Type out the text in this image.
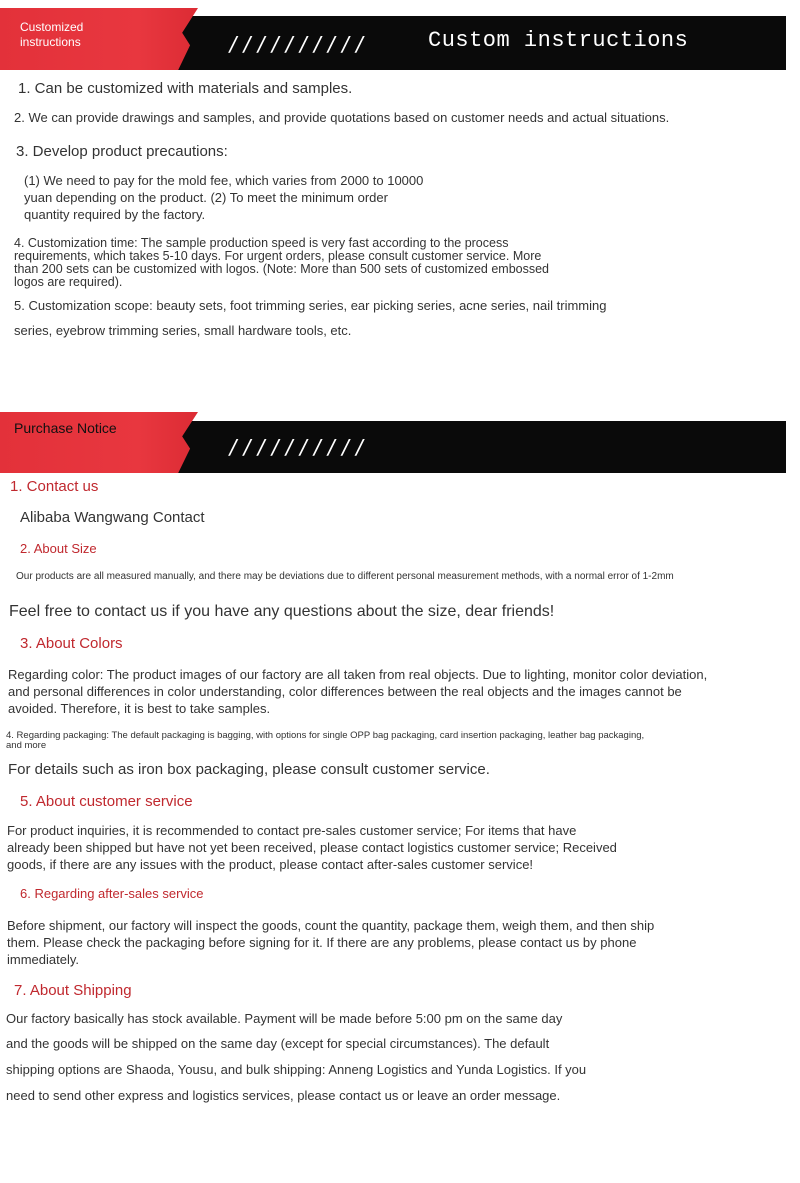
Customized
instructions	//////////	Custom instructions

1. Can be customized with materials and samples.

2. We can provide drawings and samples, and provide quotations based on customer needs and actual situations.

3. Develop product precautions:

(1) We need to pay for the mold fee, which varies from 2000 to 10000
yuan depending on the product. (2) To meet the minimum order
quantity required by the factory.

4. Customization time: The sample production speed is very fast according to the process
requirements, which takes 5-10 days. For urgent orders, please consult customer service. More
than 200 sets can be customized with logos. (Note: More than 500 sets of customized embossed
logos are required).

5. Customization scope: beauty sets, foot trimming series, ear picking series, acne series, nail trimming

series, eyebrow trimming series, small hardware tools, etc.

Purchase Notice
//////////

1. Contact us

Alibaba Wangwang Contact

2. About Size

Our products are all measured manually, and there may be deviations due to different personal measurement methods, with a normal error of 1-2mm

Feel free to contact us if you have any questions about the size, dear friends!

3. About Colors

Regarding color: The product images of our factory are all taken from real objects. Due to lighting, monitor color deviation,
and personal differences in color understanding, color differences between the real objects and the images cannot be
avoided. Therefore, it is best to take samples.

4. Regarding packaging: The default packaging is bagging, with options for single OPP bag packaging, card insertion packaging, leather bag packaging,
and more

For details such as iron box packaging, please consult customer service.

5. About customer service

For product inquiries, it is recommended to contact pre-sales customer service; For items that have
already been shipped but have not yet been received, please contact logistics customer service; Received
goods, if there are any issues with the product, please contact after-sales customer service!

6. Regarding after-sales service

Before shipment, our factory will inspect the goods, count the quantity, package them, weigh them, and then ship
them. Please check the packaging before signing for it. If there are any problems, please contact us by phone
immediately.

7. About Shipping

Our factory basically has stock available. Payment will be made before 5:00 pm on the same day

and the goods will be shipped on the same day (except for special circumstances). The default

shipping options are Shaoda, Yousu, and bulk shipping: Anneng Logistics and Yunda Logistics. If you

need to send other express and logistics services, please contact us or leave an order message.
